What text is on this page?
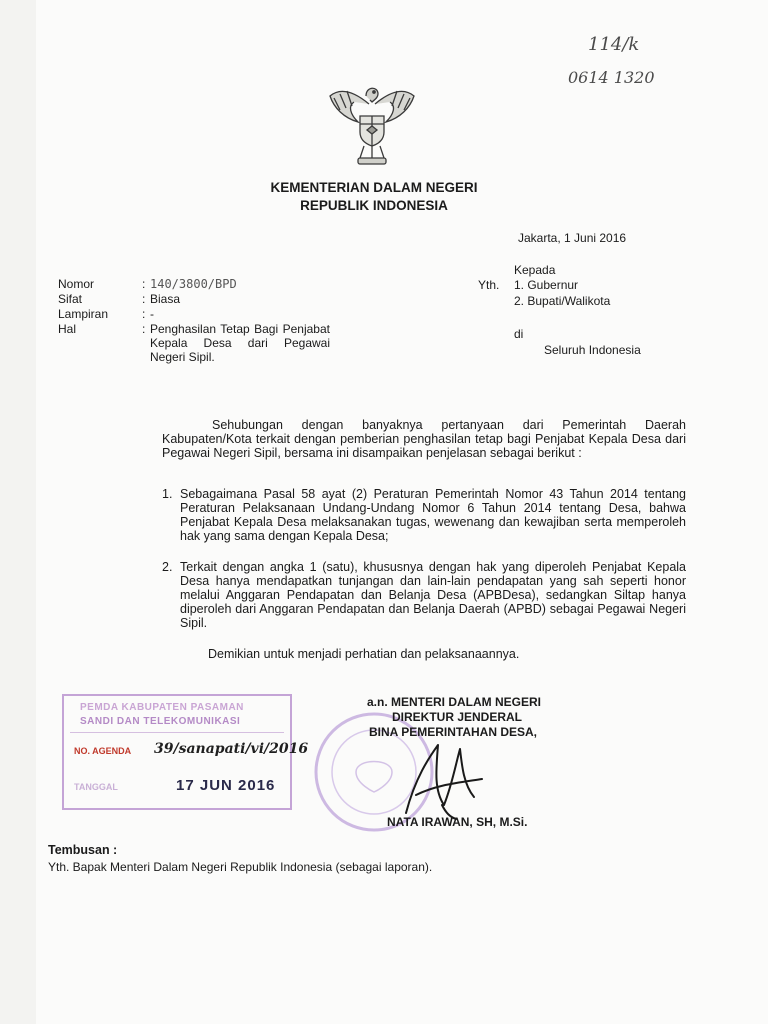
114/k
0614 1320
KEMENTERIAN DALAM NEGERI
REPUBLIK INDONESIA
Jakarta, 1 Juni 2016
Nomor	: 140/3800/BPD
Sifat	: Biasa
Lampiran	: -
Hal	: Penghasilan Tetap Bagi Penjabat Kepala Desa dari Pegawai Negeri Sipil.
Kepada
Yth. 1. Gubernur
2. Bupati/Walikota
di
Seluruh Indonesia
Sehubungan dengan banyaknya pertanyaan dari Pemerintah Daerah Kabupaten/Kota terkait dengan pemberian penghasilan tetap bagi Penjabat Kepala Desa dari Pegawai Negeri Sipil, bersama ini disampaikan penjelasan sebagai berikut :
1. Sebagaimana Pasal 58 ayat (2) Peraturan Pemerintah Nomor 43 Tahun 2014 tentang Peraturan Pelaksanaan Undang-Undang Nomor 6 Tahun 2014 tentang Desa, bahwa Penjabat Kepala Desa melaksanakan tugas, wewenang dan kewajiban serta memperoleh hak yang sama dengan Kepala Desa;
2. Terkait dengan angka 1 (satu), khususnya dengan hak yang diperoleh Penjabat Kepala Desa hanya mendapatkan tunjangan dan lain-lain pendapatan yang sah seperti honor melalui Anggaran Pendapatan dan Belanja Desa (APBDesa), sedangkan Siltap hanya diperoleh dari Anggaran Pendapatan dan Belanja Daerah (APBD) sebagai Pegawai Negeri Sipil.
Demikian untuk menjadi perhatian dan pelaksanaannya.
PEMDA KABUPATEN PASAMAN
SANDI DAN TELEKOMUNIKASI
NO. AGENDA 39/sanapati/vi/2016
TANGGAL	17 JUN 2016
a.n. MENTERI DALAM NEGERI
DIREKTUR JENDERAL
BINA PEMERINTAHAN DESA,
NATA IRAWAN, SH, M.Si.
Tembusan :
Yth. Bapak Menteri Dalam Negeri Republik Indonesia (sebagai laporan).
